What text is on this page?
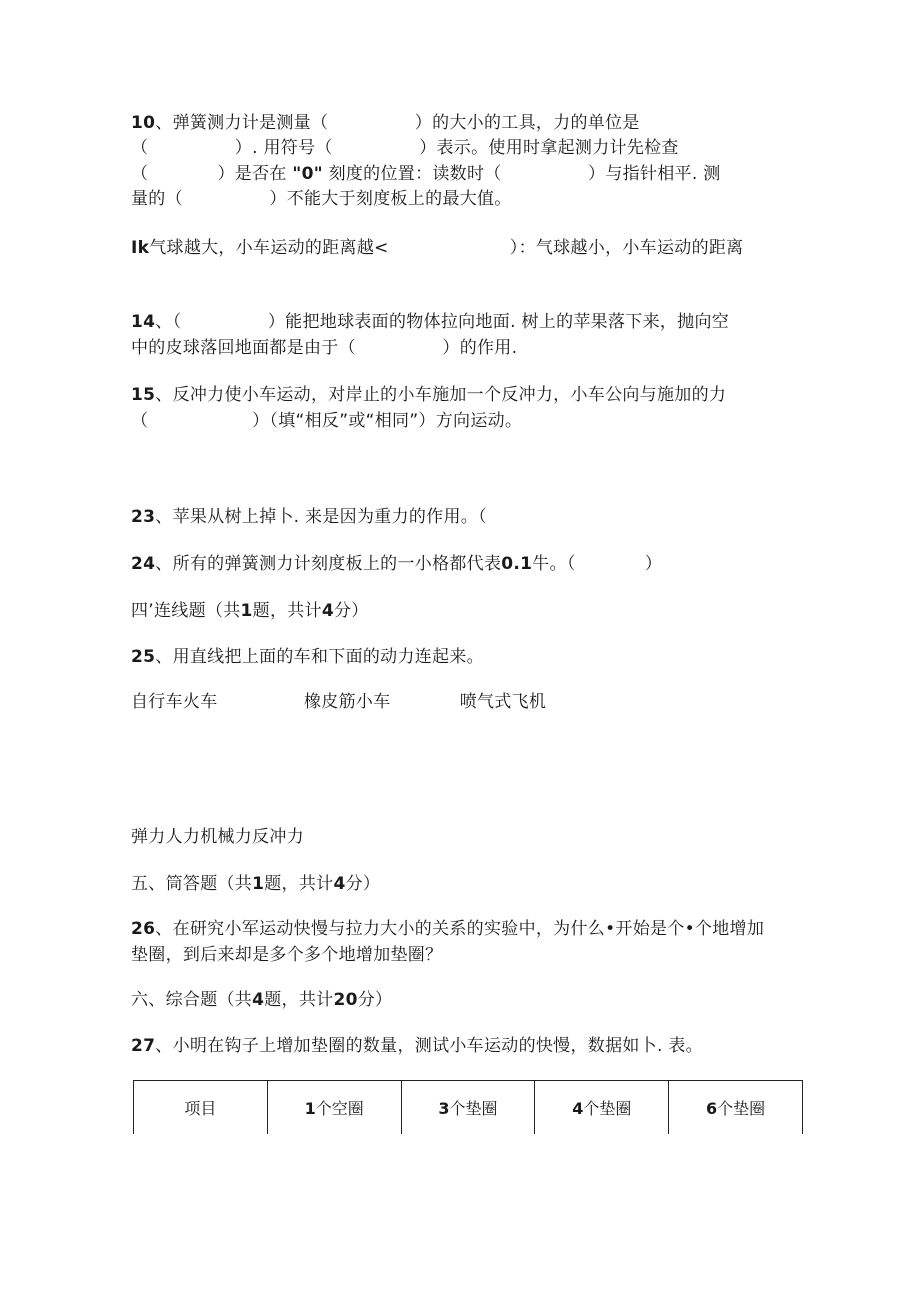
10、弹簧测力计是测量（　　　　　）的大小的工具，力的单位是
（　　　　　）. 用符号（　　　　　）表示。使用时拿起测力计先检查
（　　　　）是否在 "0" 刻度的位置：读数时（　　　　　）与指针相平. 测
量的（　　　　　）不能大于刻度板上的最大值。
Ik气球越大，小车运动的距离越<　　　　　　　）：气球越小，小车运动的距离
14、（　　　　　）能把地球表面的物体拉向地面. 树上的苹果落下来，抛向空
中的皮球落回地面都是由于（　　　　　）的作用.
15、反冲力使小车运动，对岸止的小车施加一个反冲力，小车公向与施加的力
（　　　　　　）（填“相反”或“相同”）方向运动。
23、苹果从树上掉卜. 来是因为重力的作用。（
24、所有的弹簧测力计刻度板上的一小格都代表0.1牛。（　　　　）
四’连线题（共1题，共计4分）
25、用直线把上面的车和下面的动力连起来。
自行车火车　　　　　橡皮筋小车　　　　喷气式飞机
弹力人力机械力反冲力
五、筒答题（共1题，共计4分）
26、在研究小军运动快慢与拉力大小的关系的实验中，为什么•开始是个•个地增加
垫圈，到后来却是多个多个地增加垫圈？
六、综合题（共4题，共计20分）
27、小明在钩子上增加垫圈的数量，测试小车运动的快慢，数据如卜. 表。
项目	1个空圈	3个垫圈	4个垫圈	6个垫圈
